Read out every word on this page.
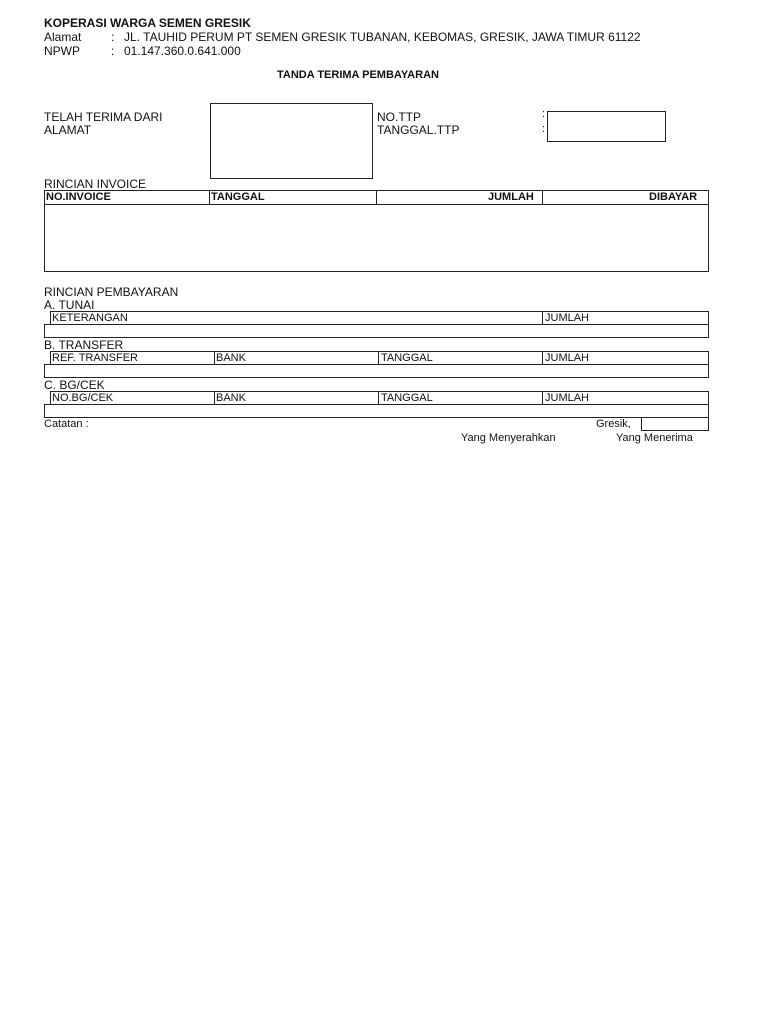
KOPERASI WARGA SEMEN GRESIK
Alamat : JL. TAUHID PERUM PT SEMEN GRESIK TUBANAN, KEBOMAS, GRESIK, JAWA TIMUR 61122
NPWP	: 01.147.360.0.641.000
TANDA TERIMA PEMBAYARAN
TELAH TERIMA DARI
ALAMAT
NO.TTP
TANGGAL.TTP
:
:
RINCIAN INVOICE
NO.INVOICE	TANGGAL	JUMLAH	DIBAYAR
RINCIAN PEMBAYARAN
A. TUNAI
KETERANGAN	JUMLAH
B. TRANSFER
REF. TRANSFER	BANK	TANGGAL	JUMLAH
C. BG/CEK
NO.BG/CEK	BANK	TANGGAL	JUMLAH
Catatan :	Gresik,
Yang Menyerahkan	Yang Menerima
